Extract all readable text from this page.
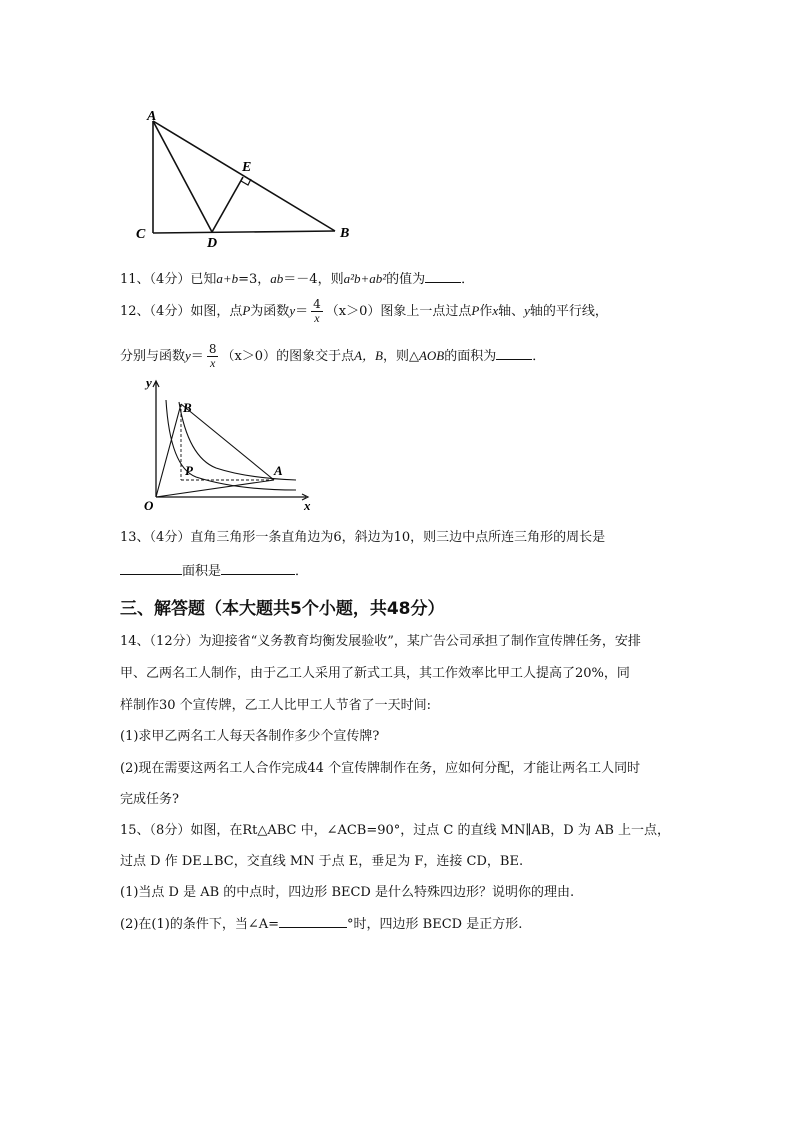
A
C
D
E
B
11、（4分）已知a+b=3，ab＝－4，则a²b+ab²的值为	．
12、（4分）如图，点P为函数$y= \frac{4}{x} (x>0)$图象上一点过点P作x轴、y轴的平行线，
分别与函数$y= \frac{8}{x} (x>0)$的图象交于点A，B，则△AOB的面积为	．
y
x
O
B
P	A
13、（4分）直角三角形一条直角边为6，斜边为10，则三边中点所连三角形的周长是
面积是	．
三、解答题（本大题共5个小题，共48分）
14、（12分）为迎接省“义务教育均衡发展验收”，某广告公司承担了制作宣传牌任务，安排
甲、乙两名工人制作，由于乙工人采用了新式工具，其工作效率比甲工人提高了20%，同
样制作30 个宣传牌，乙工人比甲工人节省了一天时间:
(1)求甲乙两名工人每天各制作多少个宣传牌?
(2)现在需要这两名工人合作完成44 个宣传牌制作在务，应如何分配，才能让两名工人同时
完成任务?
15、（8分）如图，在Rt△ABC 中，∠ACB=90°，过点 C 的直线 MN∥AB，D 为 AB 上一点，
过点 D 作 DE⊥BC，交直线 MN 于点 E，垂足为 F，连接 CD，BE.
(1)当点 D 是 AB 的中点时，四边形 BECD 是什么特殊四边形？说明你的理由.
(2)在(1)的条件下，当∠A=	°时，四边形 BECD 是正方形.
